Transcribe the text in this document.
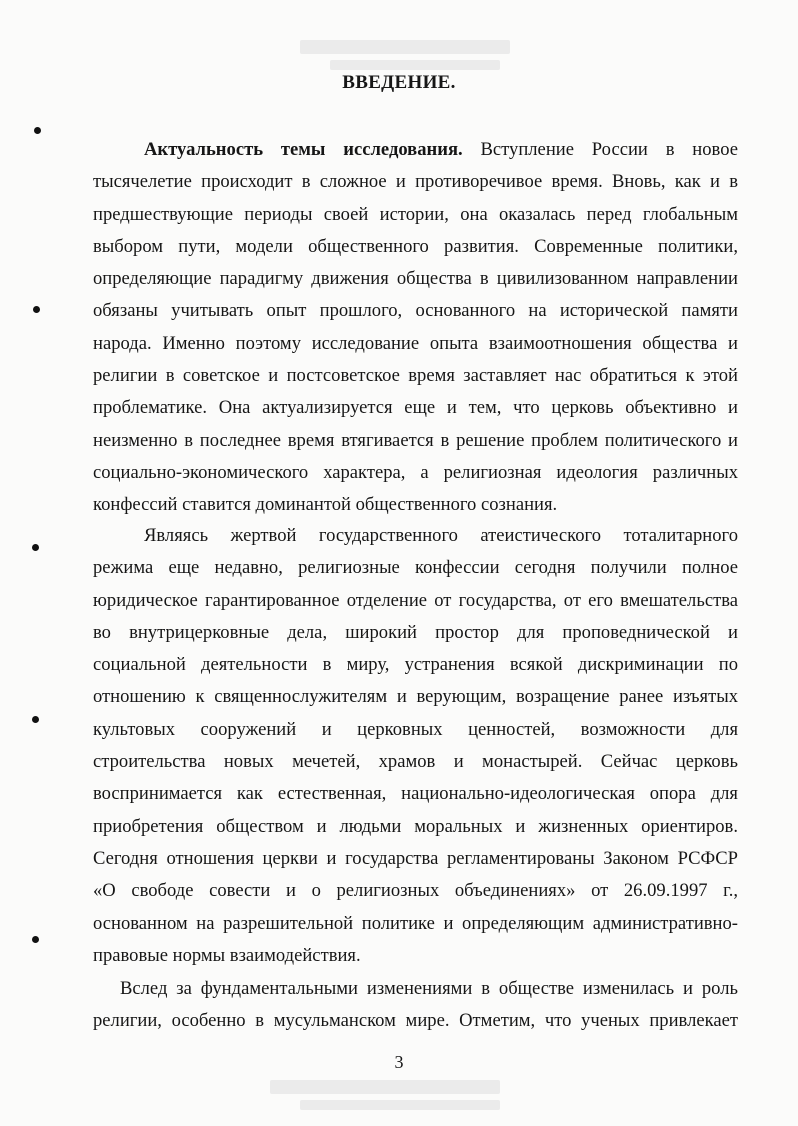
ВВЕДЕНИЕ.
Актуальность темы исследования. Вступление России в новое
тысячелетие происходит в сложное и противоречивое время. Вновь, как и в
предшествующие периоды своей истории, она оказалась перед глобальным
выбором пути, модели общественного развития. Современные политики,
определяющие парадигму движения общества в цивилизованном направлении
обязаны учитывать опыт прошлого, основанного на исторической памяти
народа. Именно поэтому исследование опыта взаимоотношения общества и
религии в советское и постсоветское время заставляет нас обратиться к этой
проблематике. Она актуализируется еще и тем, что церковь объективно и
неизменно в последнее время втягивается в решение проблем политического и
социально-экономического характера, а религиозная идеология различных
конфессий ставится доминантой общественного сознания.
Являясь жертвой государственного атеистического тоталитарного
режима еще недавно, религиозные конфессии сегодня получили полное
юридическое гарантированное отделение от государства, от его вмешательства
во внутрицерковные дела, широкий простор для проповеднической и
социальной деятельности в миру, устранения всякой дискриминации по
отношению к священнослужителям и верующим, возращение ранее изъятых
культовых сооружений и церковных ценностей, возможности для
строительства новых мечетей, храмов и монастырей. Сейчас церковь
воспринимается как естественная, национально-идеологическая опора для
приобретения обществом и людьми моральных и жизненных ориентиров.
Сегодня отношения церкви и государства регламентированы Законом РСФСР
«О свободе совести и о религиозных объединениях» от 26.09.1997 г.,
основанном на разрешительной политике и определяющим административно-
правовые нормы взаимодействия.
Вслед за фундаментальными изменениями в обществе изменилась и роль
религии, особенно в мусульманском мире. Отметим, что ученых привлекает
3
